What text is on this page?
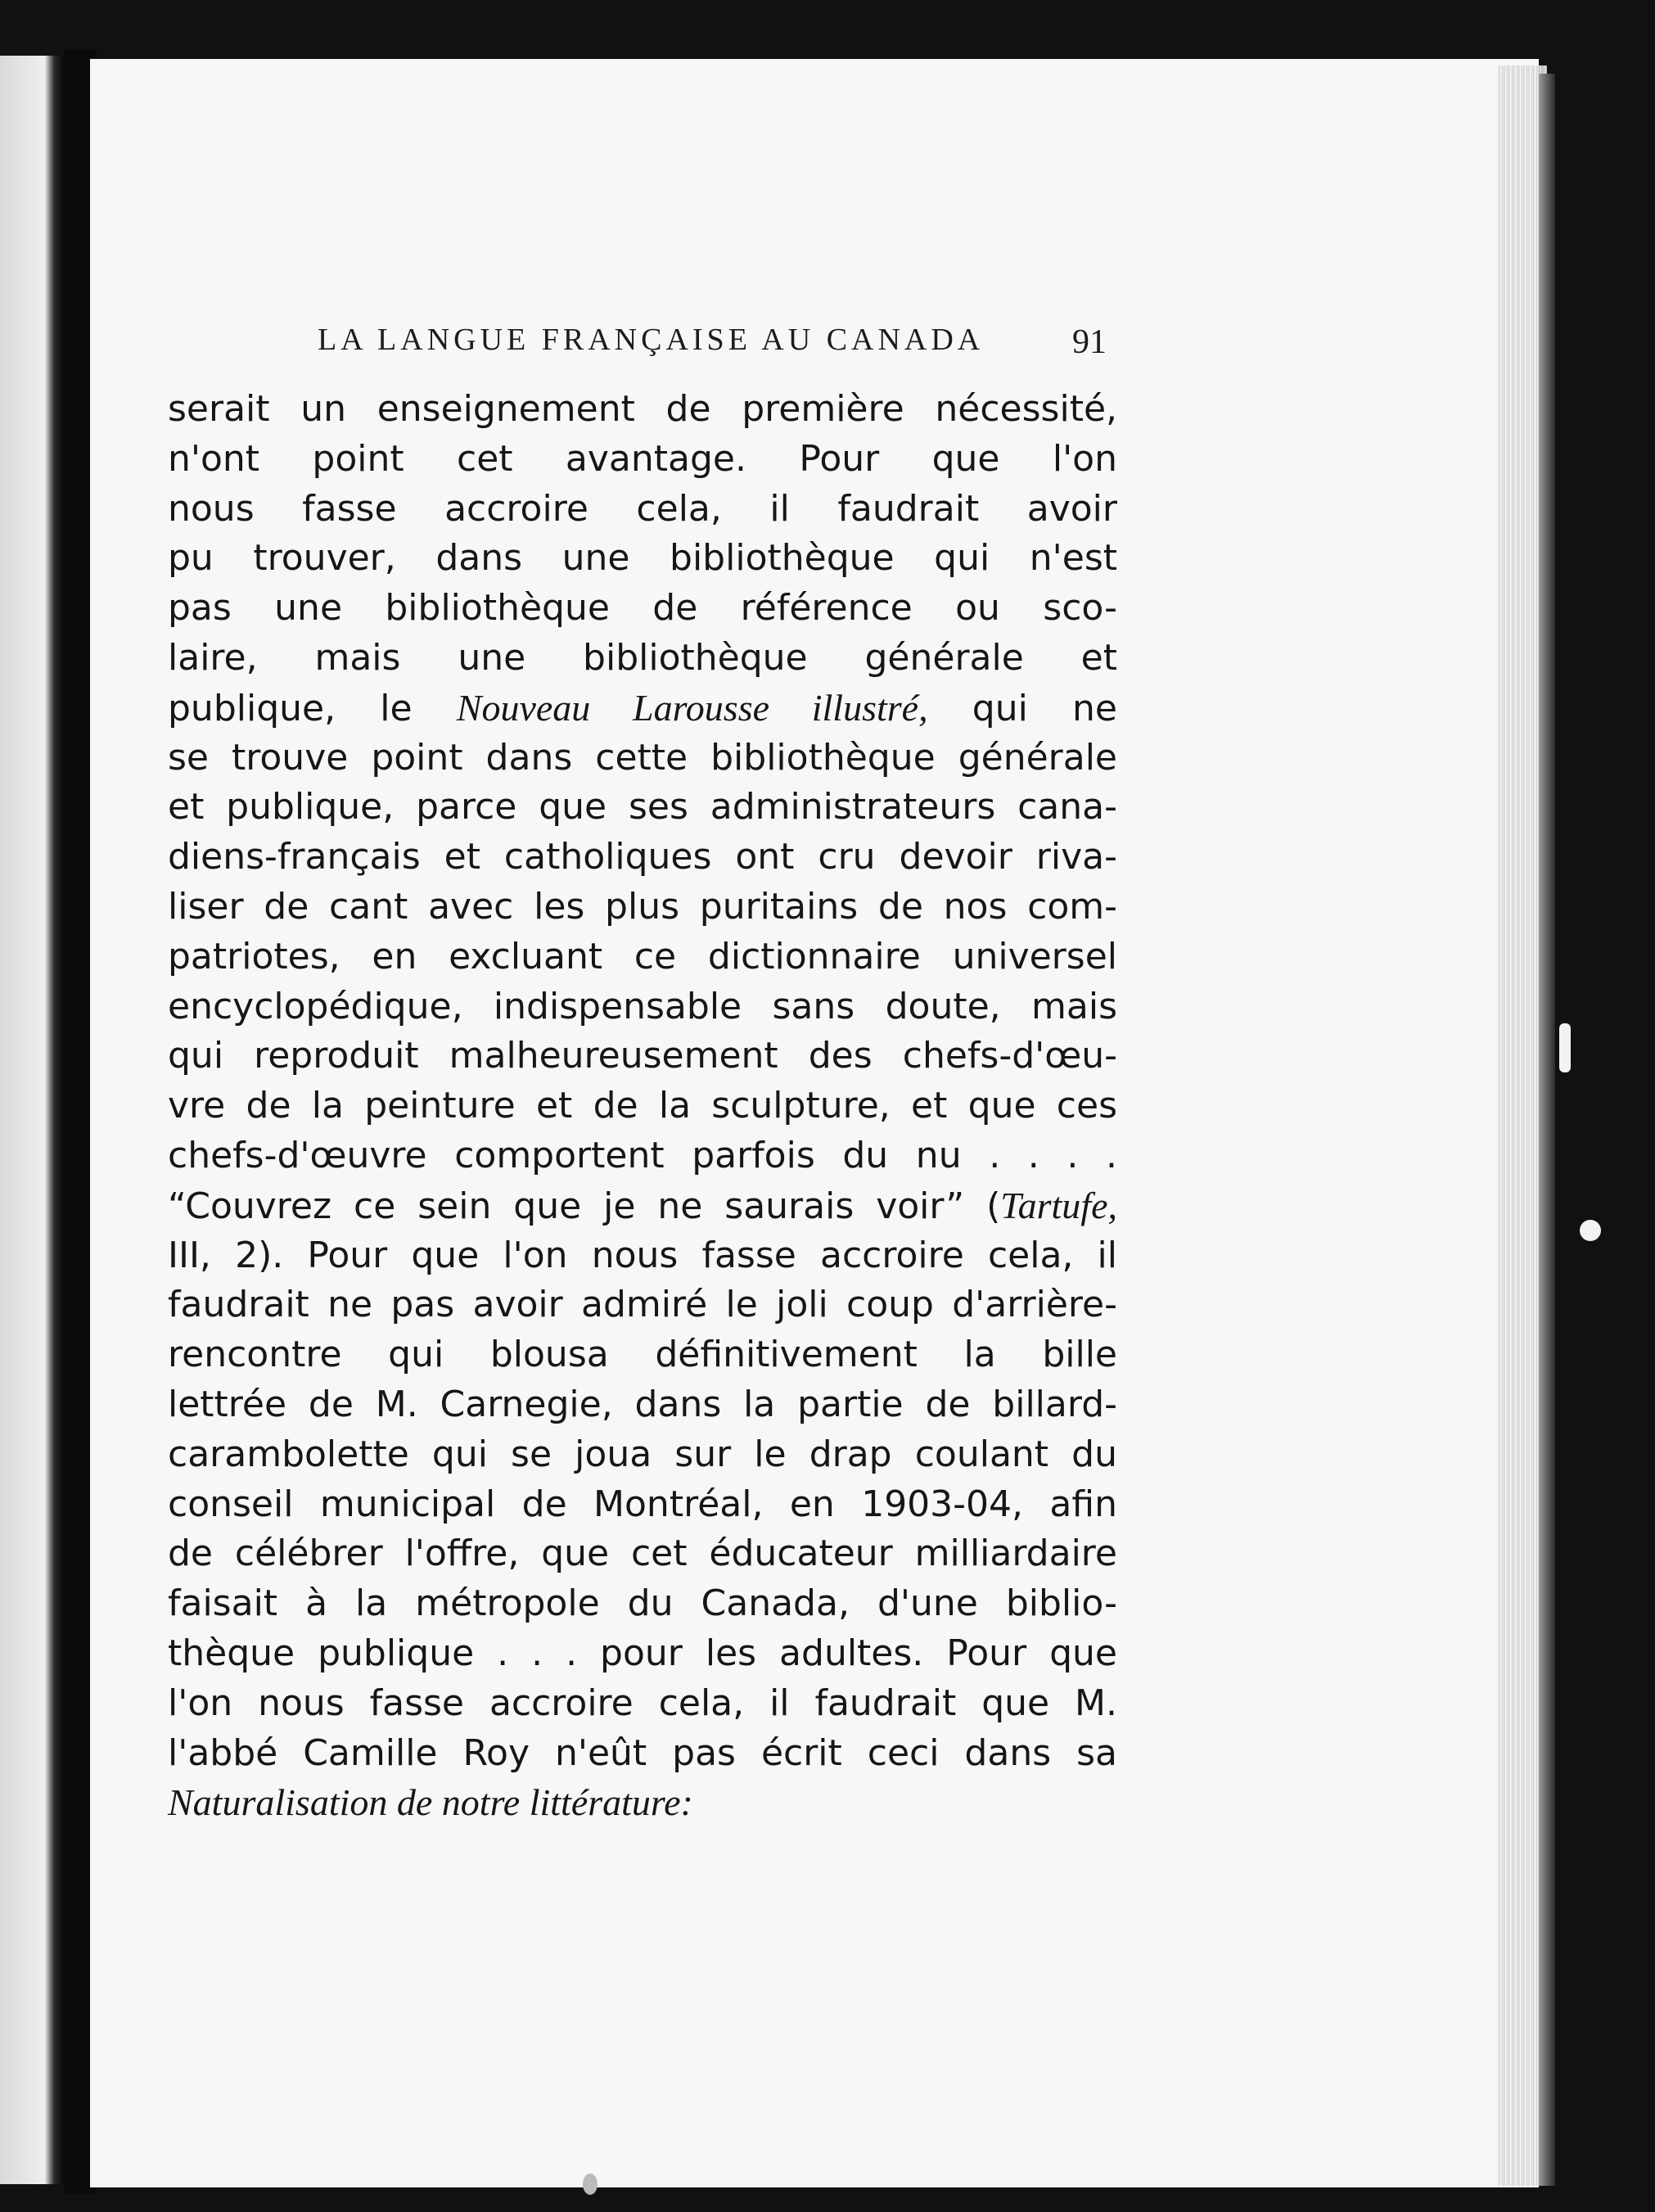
LA LANGUE FRANÇAISE AU CANADA	91
serait un enseignement de première nécessité,
n'ont point cet avantage. Pour que l'on
nous fasse accroire cela, il faudrait avoir
pu trouver, dans une bibliothèque qui n'est
pas une bibliothèque de référence ou sco-
laire, mais une bibliothèque générale et
publique, le Nouveau Larousse illustré, qui ne
se trouve point dans cette bibliothèque générale
et publique, parce que ses administrateurs cana-
diens-français et catholiques ont cru devoir riva-
liser de cant avec les plus puritains de nos com-
patriotes, en excluant ce dictionnaire universel
encyclopédique, indispensable sans doute, mais
qui reproduit malheureusement des chefs-d'œu-
vre de la peinture et de la sculpture, et que ces
chefs-d'œuvre comportent parfois du nu . . . .
“Couvrez ce sein que je ne saurais voir” (Tartufe,
III, 2). Pour que l'on nous fasse accroire cela, il
faudrait ne pas avoir admiré le joli coup d'arrière-
rencontre qui blousa définitivement la bille
lettrée de M. Carnegie, dans la partie de billard-
carambolette qui se joua sur le drap coulant du
conseil municipal de Montréal, en 1903-04, afin
de célébrer l'offre, que cet éducateur milliardaire
faisait à la métropole du Canada, d'une biblio-
thèque publique . . . pour les adultes. Pour que
l'on nous fasse accroire cela, il faudrait que M.
l'abbé Camille Roy n'eût pas écrit ceci dans sa
Naturalisation de notre littérature:
